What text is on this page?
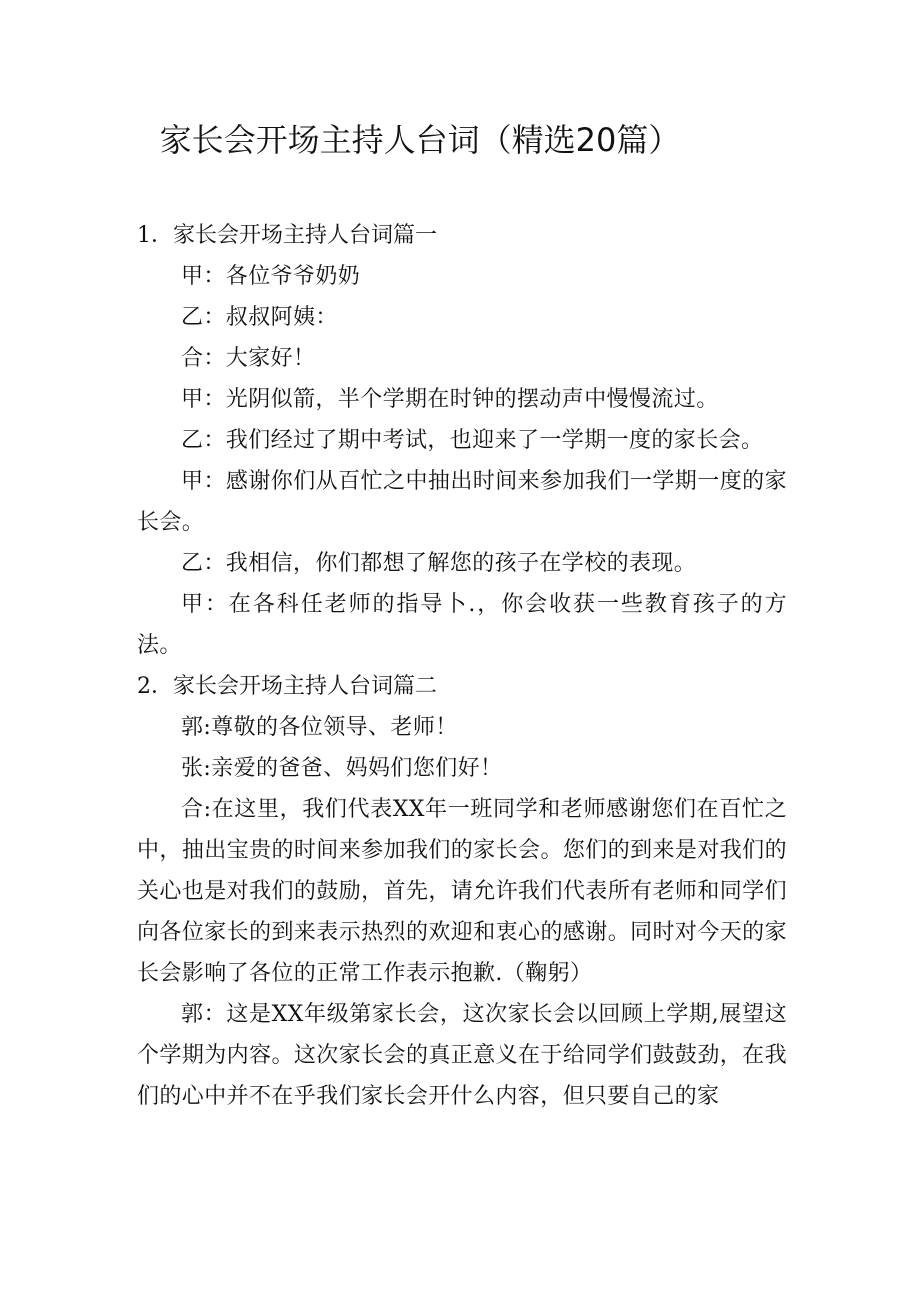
家长会开场主持人台词（精选20篇）

1．家长会开场主持人台词篇一

甲：各位爷爷奶奶

乙：叔叔阿姨：

合：大家好！

甲：光阴似箭，半个学期在时钟的摆动声中慢慢流过。

乙：我们经过了期中考试，也迎来了一学期一度的家长会。

甲：感谢你们从百忙之中抽出时间来参加我们一学期一度的家长会。

乙：我相信，你们都想了解您的孩子在学校的表现。

甲：在各科任老师的指导卜.，你会收获一些教育孩子的方法。

2．家长会开场主持人台词篇二

郭:尊敬的各位领导、老师！

张:亲爱的爸爸、妈妈们您们好！

合:在这里，我们代表XX年一班同学和老师感谢您们在百忙之中，抽出宝贵的时间来参加我们的家长会。您们的到来是对我们的关心也是对我们的鼓励，首先，请允许我们代表所有老师和同学们向各位家长的到来表示热烈的欢迎和衷心的感谢。同时对今天的家长会影响了各位的正常工作表示抱歉.（鞠躬）

郭：这是XX年级第家长会，这次家长会以回顾上学期,展望这个学期为内容。这次家长会的真正意义在于给同学们鼓鼓劲，在我们的心中并不在乎我们家长会开什么内容，但只要自己的家
